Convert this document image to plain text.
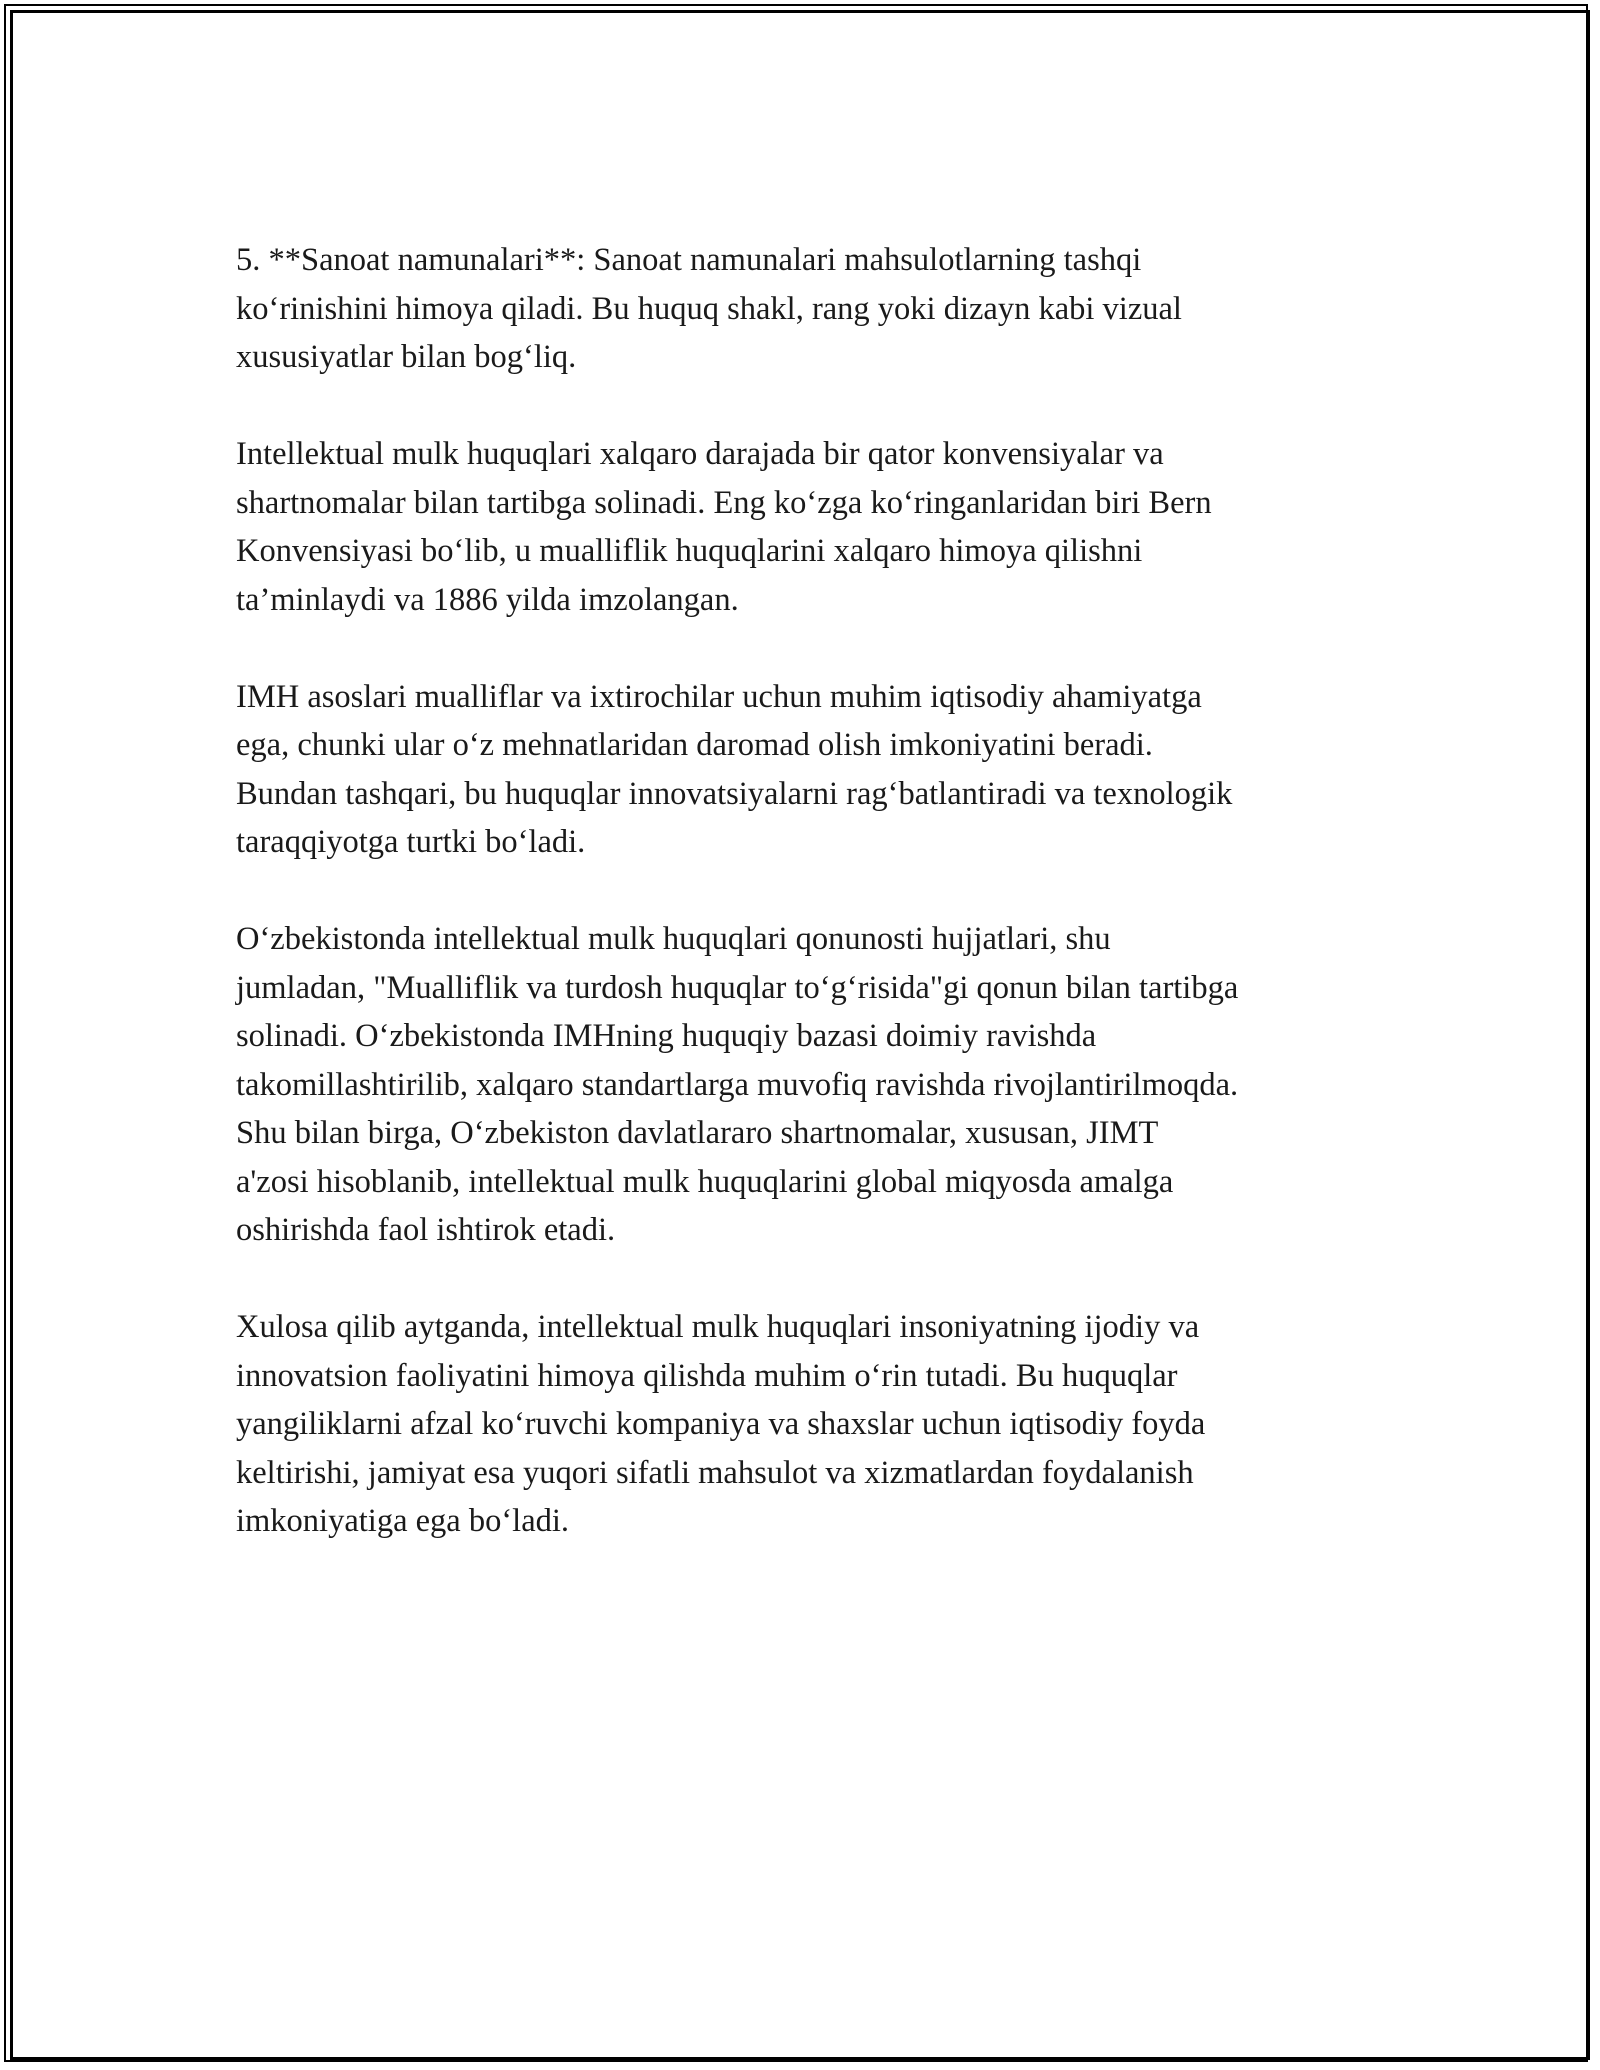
5. **Sanoat namunalari**: Sanoat namunalari mahsulotlarning tashqi
ko‘rinishini himoya qiladi. Bu huquq shakl, rang yoki dizayn kabi vizual
xususiyatlar bilan bog‘liq.

Intellektual mulk huquqlari xalqaro darajada bir qator konvensiyalar va
shartnomalar bilan tartibga solinadi. Eng ko‘zga ko‘ringanlaridan biri Bern
Konvensiyasi bo‘lib, u mualliflik huquqlarini xalqaro himoya qilishni
ta’minlaydi va 1886 yilda imzolangan.

IMH asoslari mualliflar va ixtirochilar uchun muhim iqtisodiy ahamiyatga
ega, chunki ular o‘z mehnatlaridan daromad olish imkoniyatini beradi.
Bundan tashqari, bu huquqlar innovatsiyalarni rag‘batlantiradi va texnologik
taraqqiyotga turtki bo‘ladi.

O‘zbekistonda intellektual mulk huquqlari qonunosti hujjatlari, shu
jumladan, "Mualliflik va turdosh huquqlar to‘g‘risida"gi qonun bilan tartibga
solinadi. O‘zbekistonda IMHning huquqiy bazasi doimiy ravishda
takomillashtirilib, xalqaro standartlarga muvofiq ravishda rivojlantirilmoqda.
Shu bilan birga, O‘zbekiston davlatlararo shartnomalar, xususan, JIMT
a'zosi hisoblanib, intellektual mulk huquqlarini global miqyosda amalga
oshirishda faol ishtirok etadi.

Xulosa qilib aytganda, intellektual mulk huquqlari insoniyatning ijodiy va
innovatsion faoliyatini himoya qilishda muhim o‘rin tutadi. Bu huquqlar
yangiliklarni afzal ko‘ruvchi kompaniya va shaxslar uchun iqtisodiy foyda
keltirishi, jamiyat esa yuqori sifatli mahsulot va xizmatlardan foydalanish
imkoniyatiga ega bo‘ladi.
